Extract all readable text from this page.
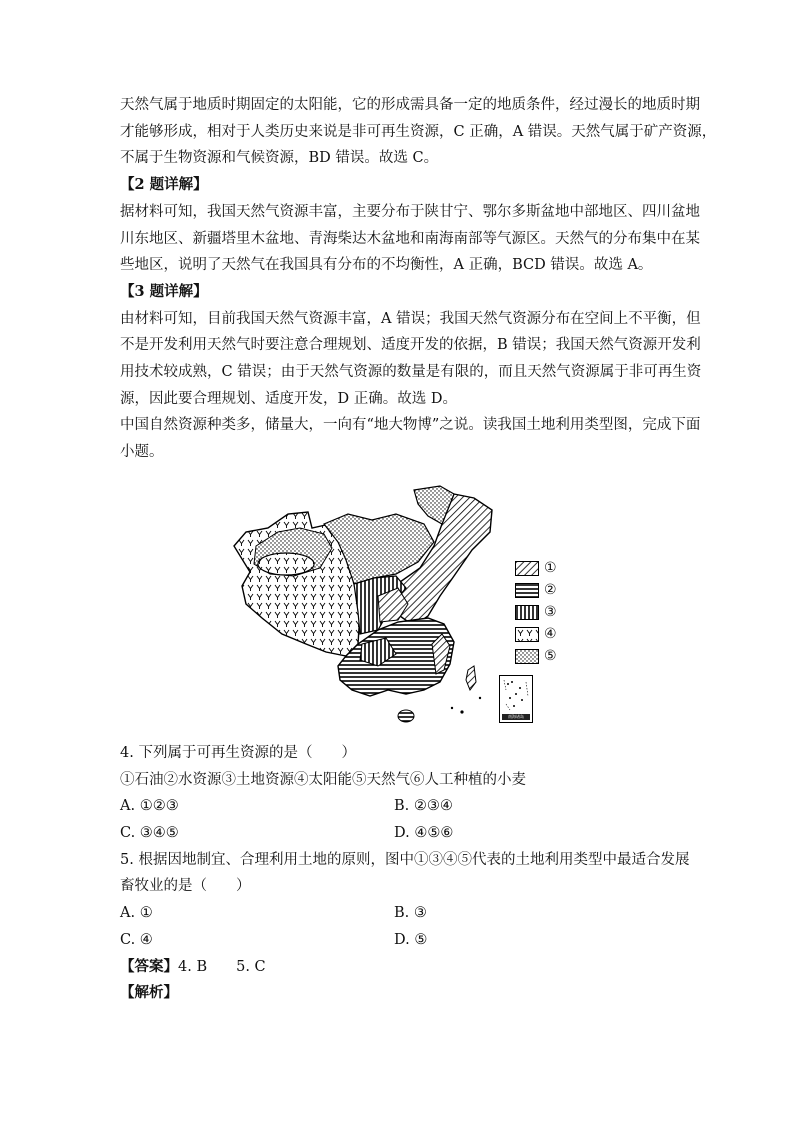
天然气属于地质时期固定的太阳能，它的形成需具备一定的地质条件，经过漫长的地质时期

才能够形成，相对于人类历史来说是非可再生资源，C 正确，A 错误。天然气属于矿产资源，

不属于生物资源和气候资源，BD 错误。故选 C。

【2 题详解】

据材料可知，我国天然气资源丰富，主要分布于陕甘宁、鄂尔多斯盆地中部地区、四川盆地

川东地区、新疆塔里木盆地、青海柴达木盆地和南海南部等气源区。天然气的分布集中在某

些地区，说明了天然气在我国具有分布的不均衡性，A 正确，BCD 错误。故选 A。

【3 题详解】

由材料可知，目前我国天然气资源丰富，A 错误；我国天然气资源分布在空间上不平衡，但

不是开发利用天然气时要注意合理规划、适度开发的依据，B 错误；我国天然气资源开发利

用技术较成熟，C 错误；由于天然气资源的数量是有限的，而且天然气资源属于非可再生资

源，因此要合理规划、适度开发，D 正确。故选 D。

中国自然资源种类多，储量大，一向有“地大物博”之说。读我国土地利用类型图，完成下面

小题。

①
②
③
④
⑤
南海诸岛

4. 下列属于可再生资源的是（　　）

①石油②水资源③土地资源④太阳能⑤天然气⑥人工种植的小麦

A. ①②③	B. ②③④
C. ③④⑤	D. ④⑤⑥

5. 根据因地制宜、合理利用土地的原则，图中①③④⑤代表的土地利用类型中最适合发展

畜牧业的是（　　）

A. ①	B. ③
C. ④	D. ⑤

【答案】4. B　　5. C

【解析】
